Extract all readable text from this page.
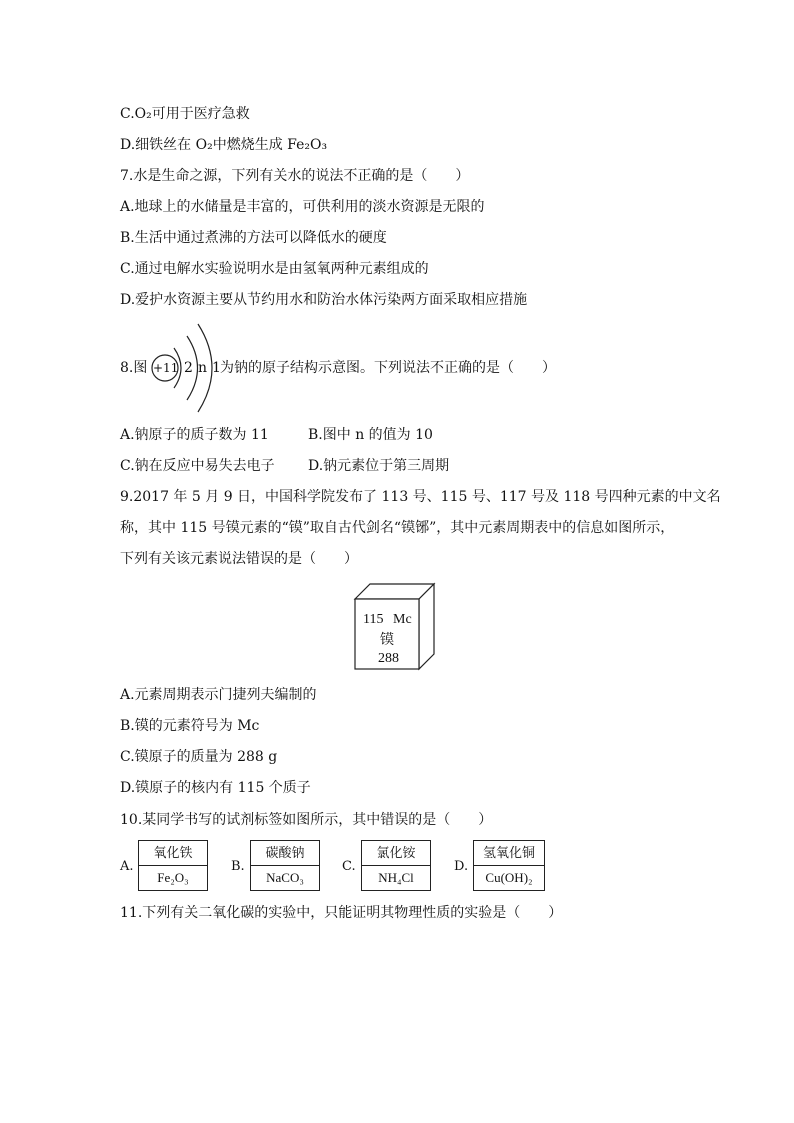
C.O₂可用于医疗急救
D.细铁丝在 O₂中燃烧生成 Fe₂O₃
7.水是生命之源，下列有关水的说法不正确的是（　　）
A.地球上的水储量是丰富的，可供利用的淡水资源是无限的
B.生活中通过煮沸的方法可以降低水的硬度
C.通过电解水实验说明水是由氢氧两种元素组成的
D.爱护水资源主要从节约用水和防治水体污染两方面采取相应措施
8.图 +11 2 n 1 为钠的原子结构示意图。下列说法不正确的是（　　）
A.钠原子的质子数为 11	B.图中 n 的值为 10
C.钠在反应中易失去电子 D.钠元素位于第三周期
9.2017 年 5 月 9 日，中国科学院发布了 113 号、115 号、117 号及 118 号四种元素的中文名
称，其中 115 号镆元素的“镆”取自古代剑名“镆铘”，其中元素周期表中的信息如图所示，
下列有关该元素说法错误的是（　　）
115 Mc
镆
288
A.元素周期表示门捷列夫编制的
B.镆的元素符号为 Mc
C.镆原子的质量为 288 g
D.镆原子的核内有 115 个质子
10.某同学书写的试剂标签如图所示，其中错误的是（　　）
A.
氧化铁
Fe₂O₃
B.
碳酸钠
NaCO₃
C.
氯化铵
NH₄Cl
D.
氢氧化铜
Cu(OH)₂
11.下列有关二氧化碳的实验中，只能证明其物理性质的实验是（　　）
